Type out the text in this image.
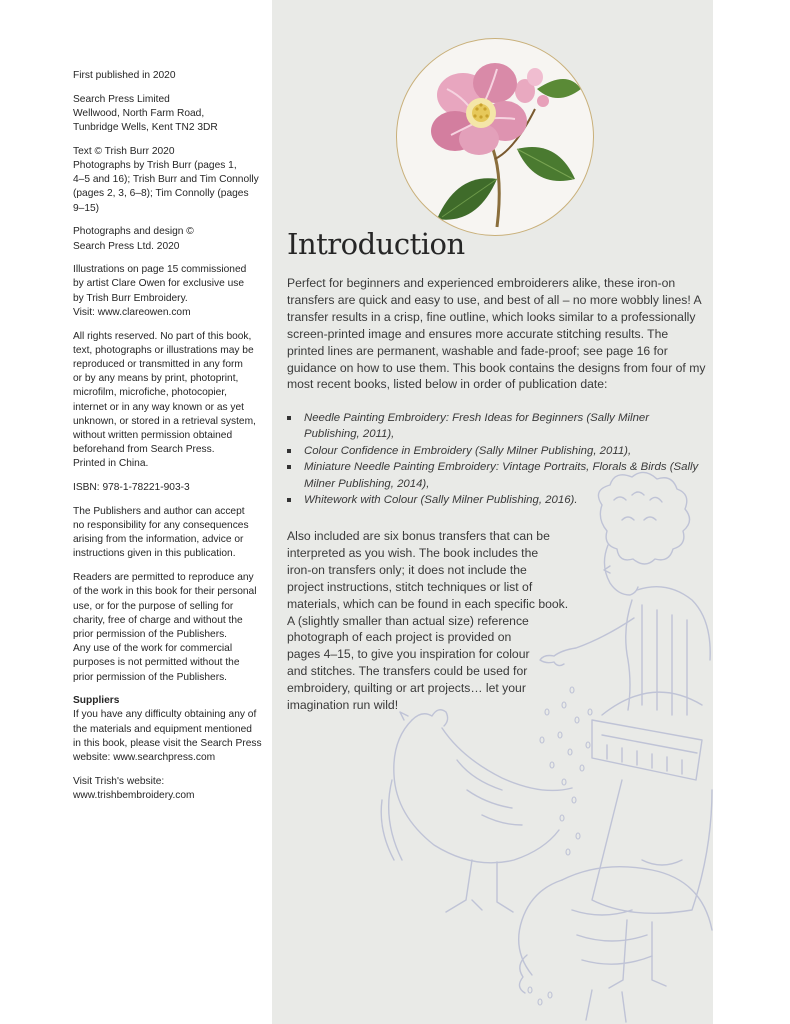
First published in 2020

Search Press Limited
Wellwood, North Farm Road,
Tunbridge Wells, Kent TN2 3DR

Text © Trish Burr 2020
Photographs by Trish Burr (pages 1,
4–5 and 16); Trish Burr and Tim Connolly
(pages 2, 3, 6–8); Tim Connolly (pages
9–15)

Photographs and design ©
Search Press Ltd. 2020

Illustrations on page 15 commissioned
by artist Clare Owen for exclusive use
by Trish Burr Embroidery.
Visit: www.clareowen.com

All rights reserved. No part of this book,
text, photographs or illustrations may be
reproduced or transmitted in any form
or by any means by print, photoprint,
microfilm, microfiche, photocopier,
internet or in any way known or as yet
unknown, or stored in a retrieval system,
without written permission obtained
beforehand from Search Press.
Printed in China.

ISBN: 978-1-78221-903-3

The Publishers and author can accept
no responsibility for any consequences
arising from the information, advice or
instructions given in this publication.

Readers are permitted to reproduce any
of the work in this book for their personal
use, or for the purpose of selling for
charity, free of charge and without the
prior permission of the Publishers.
Any use of the work for commercial
purposes is not permitted without the
prior permission of the Publishers.

Suppliers

If you have any difficulty obtaining any of
the materials and equipment mentioned
in this book, please visit the Search Press
website: www.searchpress.com

Visit Trish's website:
www.trishbembroidery.com

Introduction

Perfect for beginners and experienced embroiderers alike, these iron-on transfers are quick and easy to use, and best of all – no more wobbly lines! A transfer results in a crisp, fine outline, which looks similar to a professionally screen-printed image and ensures more accurate stitching results. The printed lines are permanent, washable and fade-proof; see page 16 for guidance on how to use them. This book contains the designs from four of my most recent books, listed below in order of publication date:

Needle Painting Embroidery: Fresh Ideas for Beginners (Sally Milner Publishing, 2011),
Colour Confidence in Embroidery (Sally Milner Publishing, 2011),
Miniature Needle Painting Embroidery: Vintage Portraits, Florals & Birds (Sally Milner Publishing, 2014),
Whitework with Colour (Sally Milner Publishing, 2016).
Also included are six bonus transfers that can be
interpreted as you wish. The book includes the
iron-on transfers only; it does not include the
project instructions, stitch techniques or list of
materials, which can be found in each specific book.
A (slightly smaller than actual size) reference
photograph of each project is provided on
pages 4–15, to give you inspiration for colour
and stitches. The transfers could be used for
embroidery, quilting or art projects… let your
imagination run wild!
